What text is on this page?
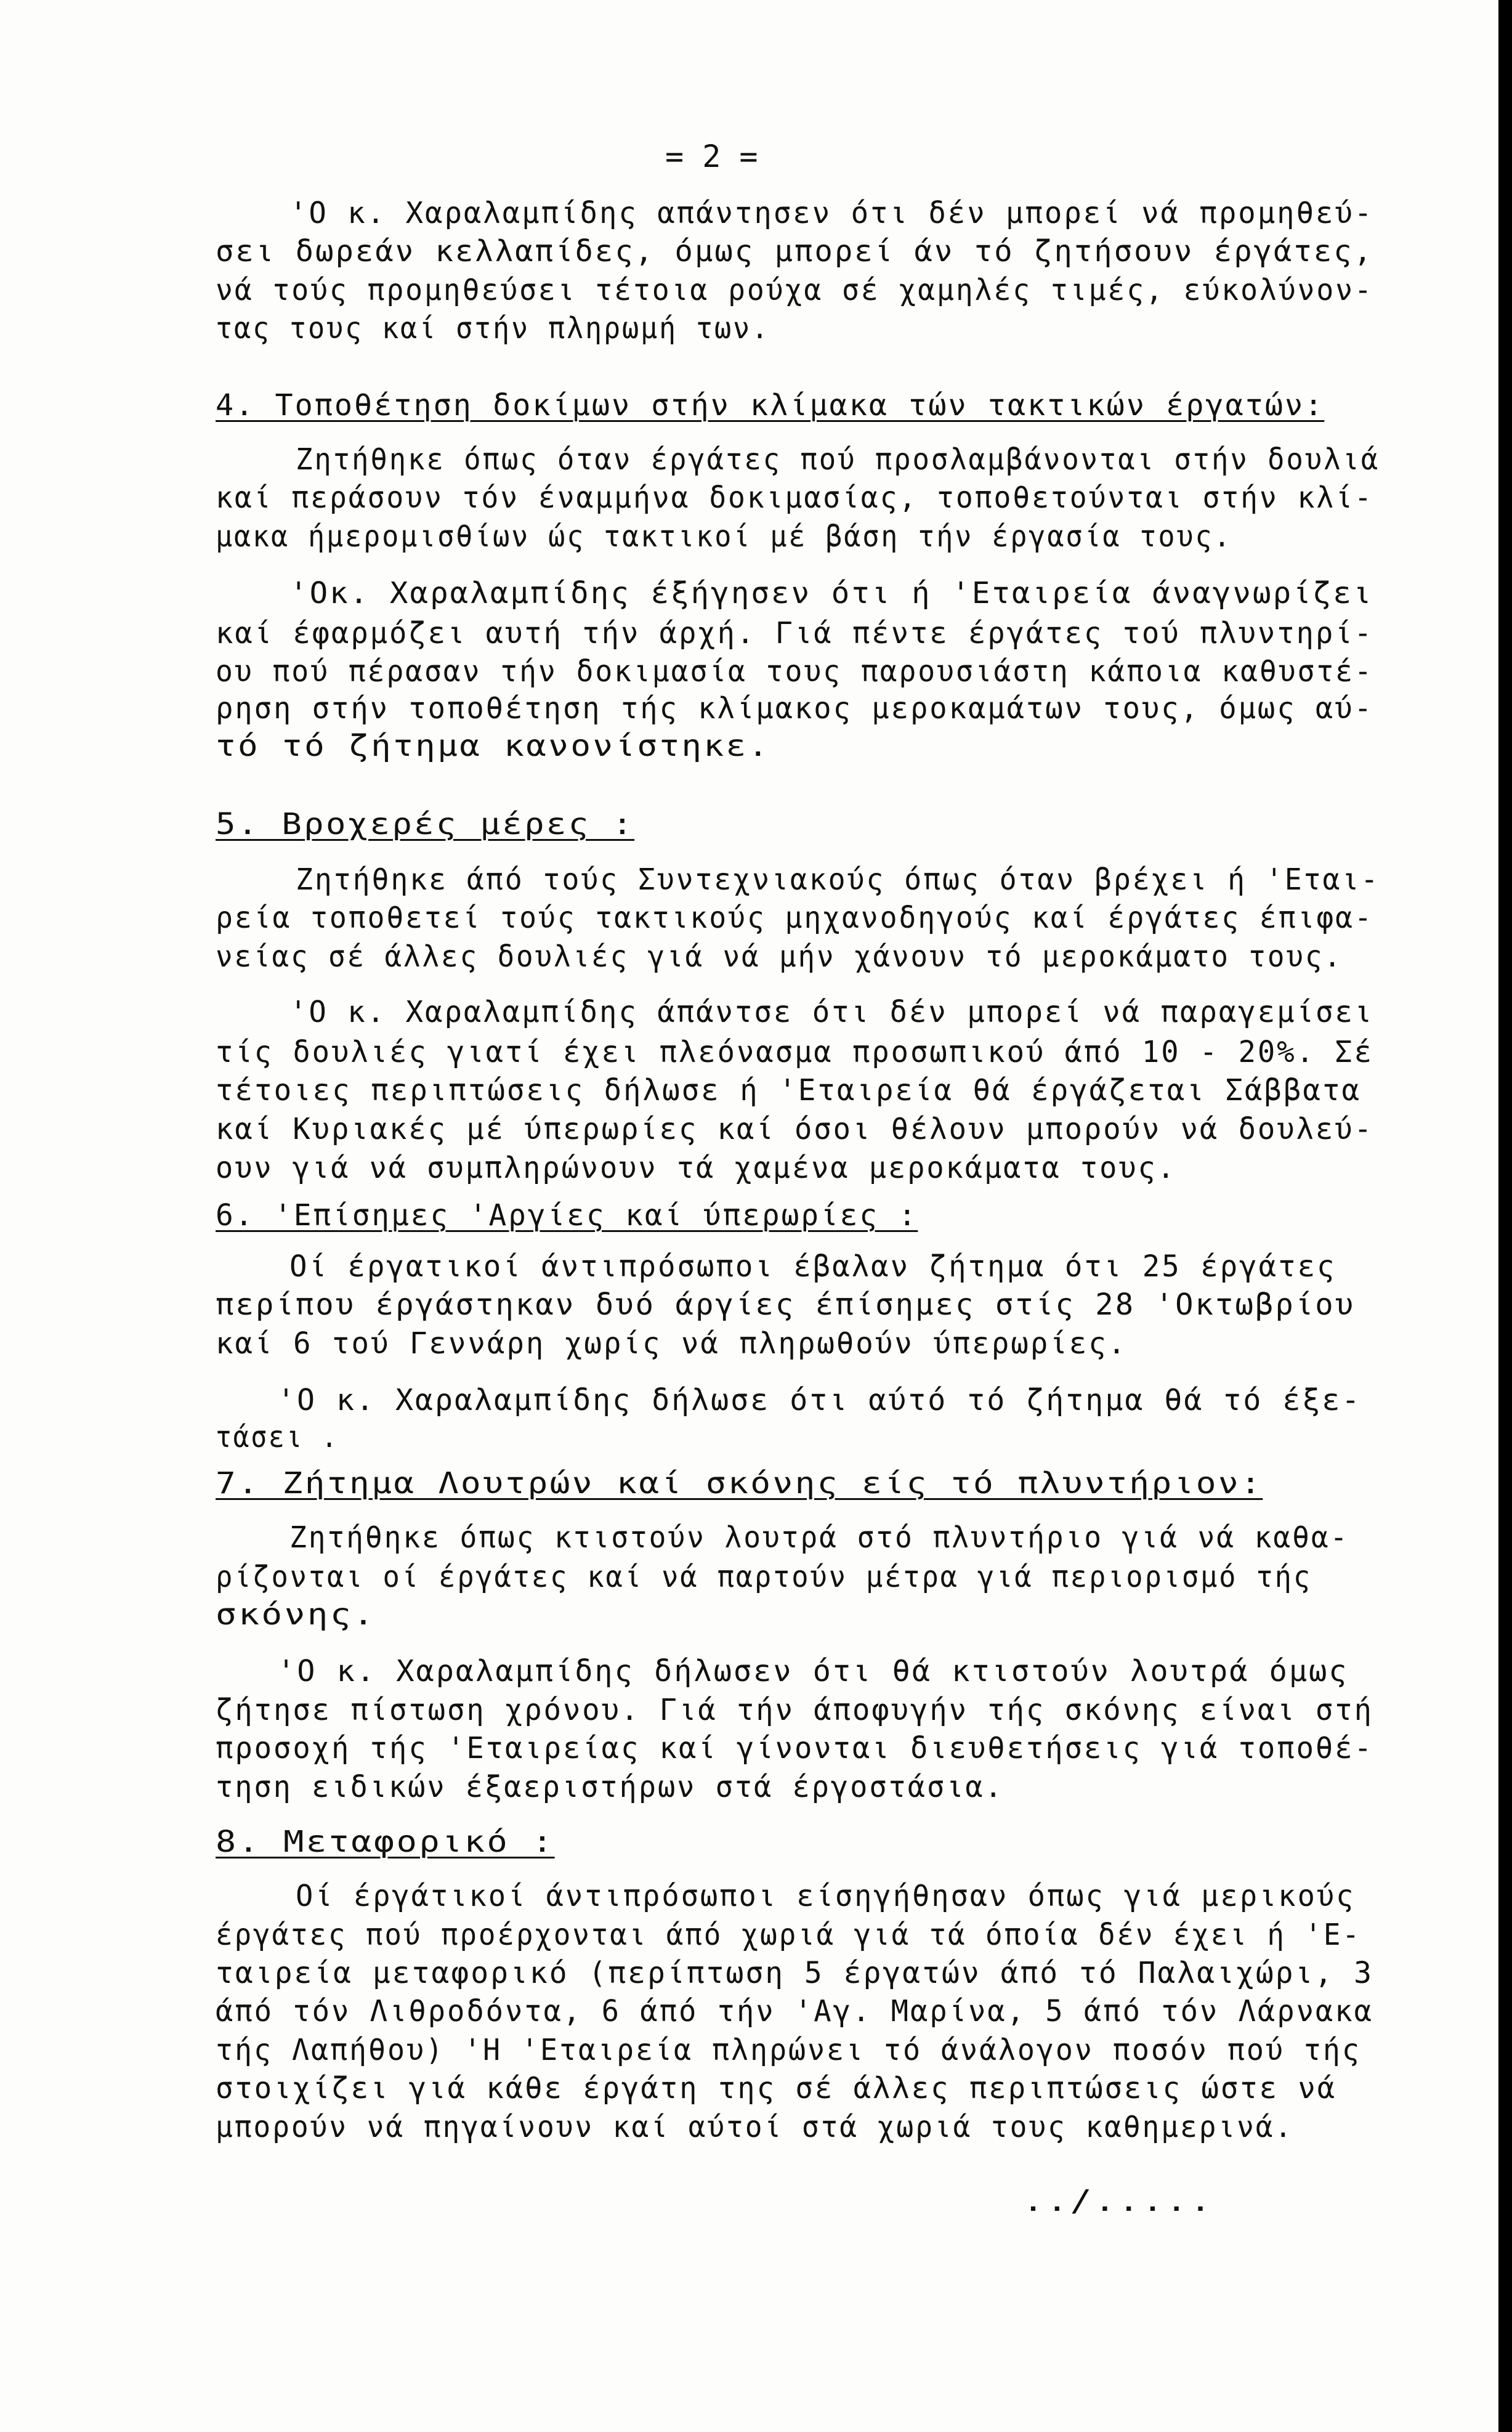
= 2 =
'Ο κ. Χαραλαμπίδης απάντησεν ότι δέν μπορεί νά προμηθεύ-
σει δωρεάν κελλαπίδες, όμως μπορεί άν τό ζητήσουν έργάτες,
νά τούς προμηθεύσει τέτοια ρούχα σέ χαμηλές τιμές, εύκολύνον-
τας τους καί στήν πληρωμή των.
4. Τοποθέτηση δοκίμων στήν κλίμακα τών τακτικών έργατών:
Ζητήθηκε όπως όταν έργάτες πού προσλαμβάνονται στήν δουλιά
καί περάσουν τόν έναμμήνα δοκιμασίας, τοποθετούνται στήν κλί-
μακα ήμερομισθίων ώς τακτικοί μέ βάση τήν έργασία τους.
'Οκ. Χαραλαμπίδης έξήγησεν ότι ή 'Εταιρεία άναγνωρίζει
καί έφαρμόζει αυτή τήν άρχή. Γιά πέντε έργάτες τού πλυντηρί-
ου πού πέρασαν τήν δοκιμασία τους παρουσιάστη κάποια καθυστέ-
ρηση στήν τοποθέτηση τής κλίμακος μεροκαμάτων τους, όμως αύ-
τό τό ζήτημα κανονίστηκε.
5. Βροχερές μέρες :
Ζητήθηκε άπό τούς Συντεχνιακούς όπως όταν βρέχει ή 'Εται-
ρεία τοποθετεί τούς τακτικούς μηχανοδηγούς καί έργάτες έπιφα-
νείας σέ άλλες δουλιές γιά νά μήν χάνουν τό μεροκάματο τους.
'Ο κ. Χαραλαμπίδης άπάντσε ότι δέν μπορεί νά παραγεμίσει
τίς δουλιές γιατί έχει πλεόνασμα προσωπικού άπό 10 - 20%. Σέ
τέτοιες περιπτώσεις δήλωσε ή 'Εταιρεία θά έργάζεται Σάββατα
καί Κυριακές μέ ύπερωρίες καί όσοι θέλουν μπορούν νά δουλεύ-
ουν γιά νά συμπληρώνουν τά χαμένα μεροκάματα τους.
6. 'Επίσημες 'Αργίες καί ύπερωρίες :
Οί έργατικοί άντιπρόσωποι έβαλαν ζήτημα ότι 25 έργάτες
περίπου έργάστηκαν δυό άργίες έπίσημες στίς 28 'Οκτωβρίου
καί 6 τού Γεννάρη χωρίς νά πληρωθούν ύπερωρίες.
'Ο κ. Χαραλαμπίδης δήλωσε ότι αύτό τό ζήτημα θά τό έξε-
τάσει .
7. Ζήτημα Λουτρών καί σκόνης είς τό πλυντήριον:
Ζητήθηκε όπως κτιστούν λουτρά στό πλυντήριο γιά νά καθα-
ρίζονται οί έργάτες καί νά παρτούν μέτρα γιά περιορισμό τής
σκόνης.
'Ο κ. Χαραλαμπίδης δήλωσεν ότι θά κτιστούν λουτρά όμως
ζήτησε πίστωση χρόνου. Γιά τήν άποφυγήν τής σκόνης είναι στή
προσοχή τής 'Εταιρείας καί γίνονται διευθετήσεις γιά τοποθέ-
τηση ειδικών έξαεριστήρων στά έργοστάσια.
8. Μεταφορικό :
Οί έργάτικοί άντιπρόσωποι είσηγήθησαν όπως γιά μερικούς
έργάτες πού προέρχονται άπό χωριά γιά τά όποία δέν έχει ή 'Ε-
ταιρεία μεταφορικό (περίπτωση 5 έργατών άπό τό Παλαιχώρι, 3
άπό τόν Λιθροδόντα, 6 άπό τήν 'Αγ. Μαρίνα, 5 άπό τόν Λάρνακα
τής Λαπήθου) 'Η 'Εταιρεία πληρώνει τό άνάλογον ποσόν πού τής
στοιχίζει γιά κάθε έργάτη της σέ άλλες περιπτώσεις ώστε νά
μπορούν νά πηγαίνουν καί αύτοί στά χωριά τους καθημερινά.
../.....
